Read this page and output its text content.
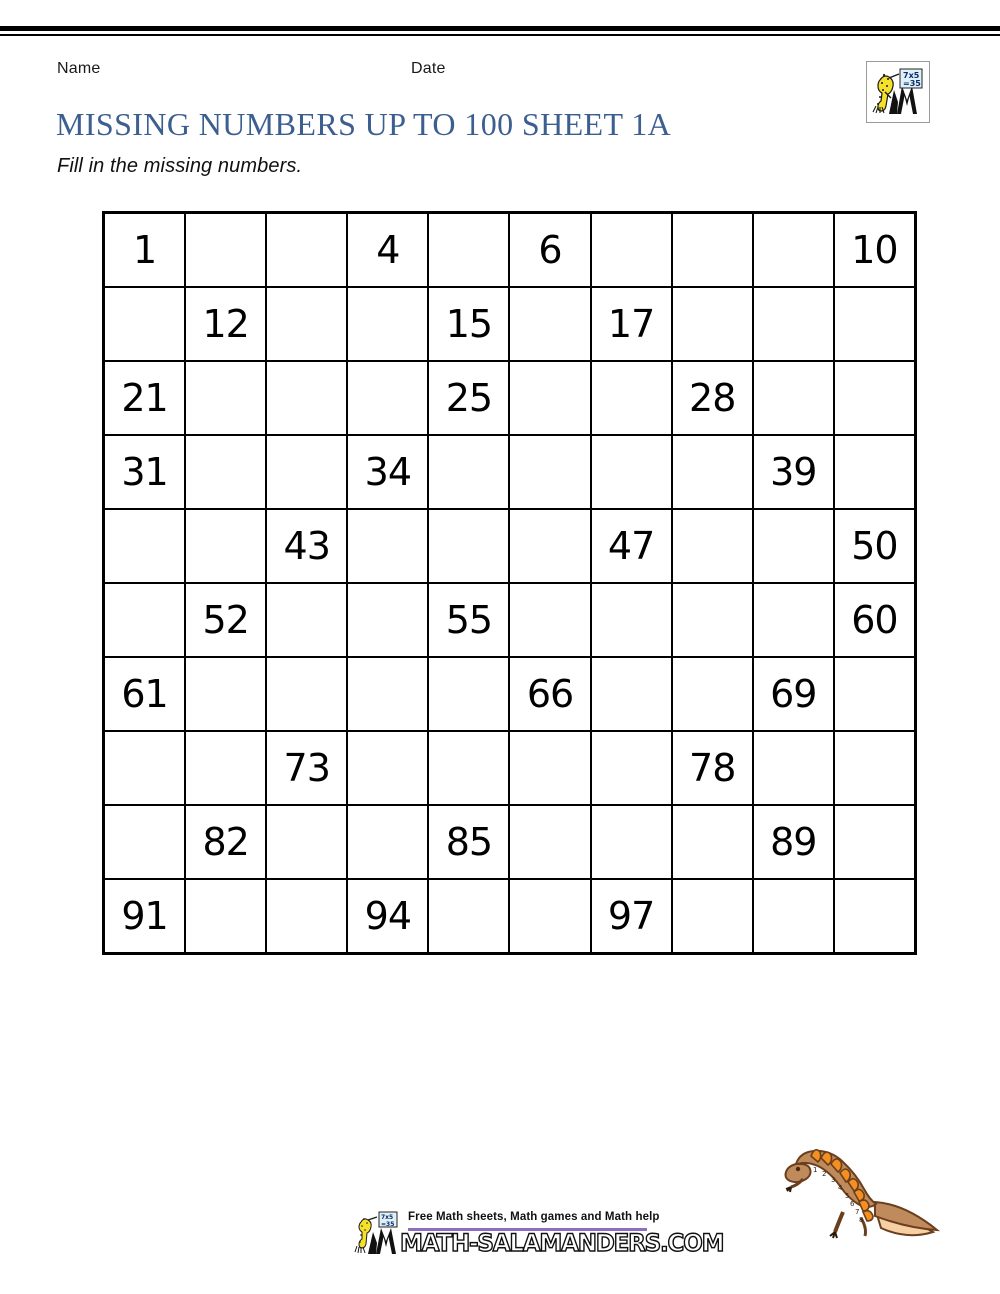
Name	Date	7x5
=35
MISSING NUMBERS UP TO 100 SHEET 1A
Fill in the missing numbers.
1			4		6				10
	12			15		17			
21				25			28		
31			34					39	
		43				47			50
	52			55					60
61					66			69	
		73					78		
	82			85				89	
91			94			97			
1 2
3
4
5
6
7
8
7x5
=35
Free Math sheets, Math games and Math help
MATH-SALAMANDERS.COM
